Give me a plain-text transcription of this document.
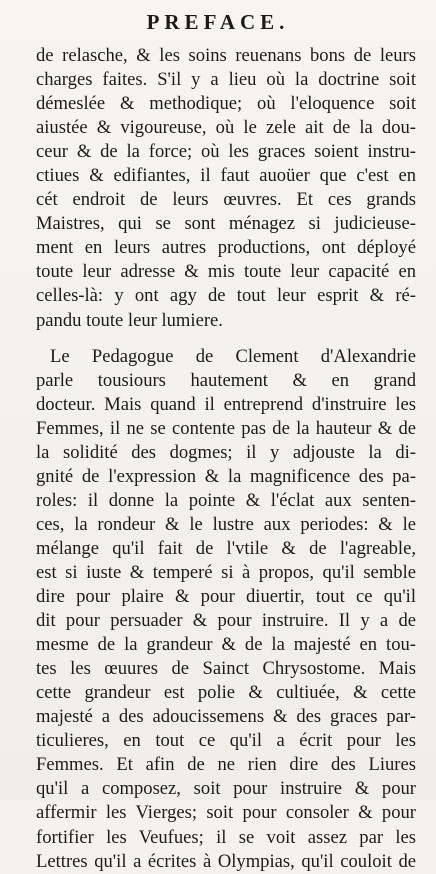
PREFACE.
de relasche, & les soins reuenans bons de leurs
charges faites. S'il y a lieu où la doctrine soit
démeslée & methodique; où l'eloquence soit
aiustée & vigoureuse, où le zele ait de la dou-
ceur & de la force; où les graces soient instru-
ctiues & edifiantes, il faut auoüer que c'est en
cét endroit de leurs œuvres. Et ces grands
Maistres, qui se sont ménagez si judicieuse-
ment en leurs autres productions, ont déployé
toute leur adresse & mis toute leur capacité en
celles-là: y ont agy de tout leur esprit & ré-
pandu toute leur lumiere.
Le Pedagogue de Clement d'Alexandrie
parle tousiours hautement & en grand
docteur. Mais quand il entreprend d'instruire les
Femmes, il ne se contente pas de la hauteur & de
la solidité des dogmes; il y adjouste la di-
gnité de l'expression & la magnificence des pa-
roles: il donne la pointe & l'éclat aux senten-
ces, la rondeur & le lustre aux periodes: & le
mélange qu'il fait de l'vtile & de l'agreable,
est si iuste & temperé si à propos, qu'il semble
dire pour plaire & pour diuertir, tout ce qu'il
dit pour persuader & pour instruire. Il y a de
mesme de la grandeur & de la majesté en tou-
tes les œuures de Sainct Chrysostome. Mais
cette grandeur est polie & cultiuée, & cette
majesté a des adoucissemens & des graces par-
ticulieres, en tout ce qu'il a écrit pour les
Femmes. Et afin de ne rien dire des Liures
qu'il a composez, soit pour instruire & pour
affermir les Vierges; soit pour consoler & pour
fortifier les Veufues; il se voit assez par les
Lettres qu'il a écrites à Olympias, qu'il couloit de
